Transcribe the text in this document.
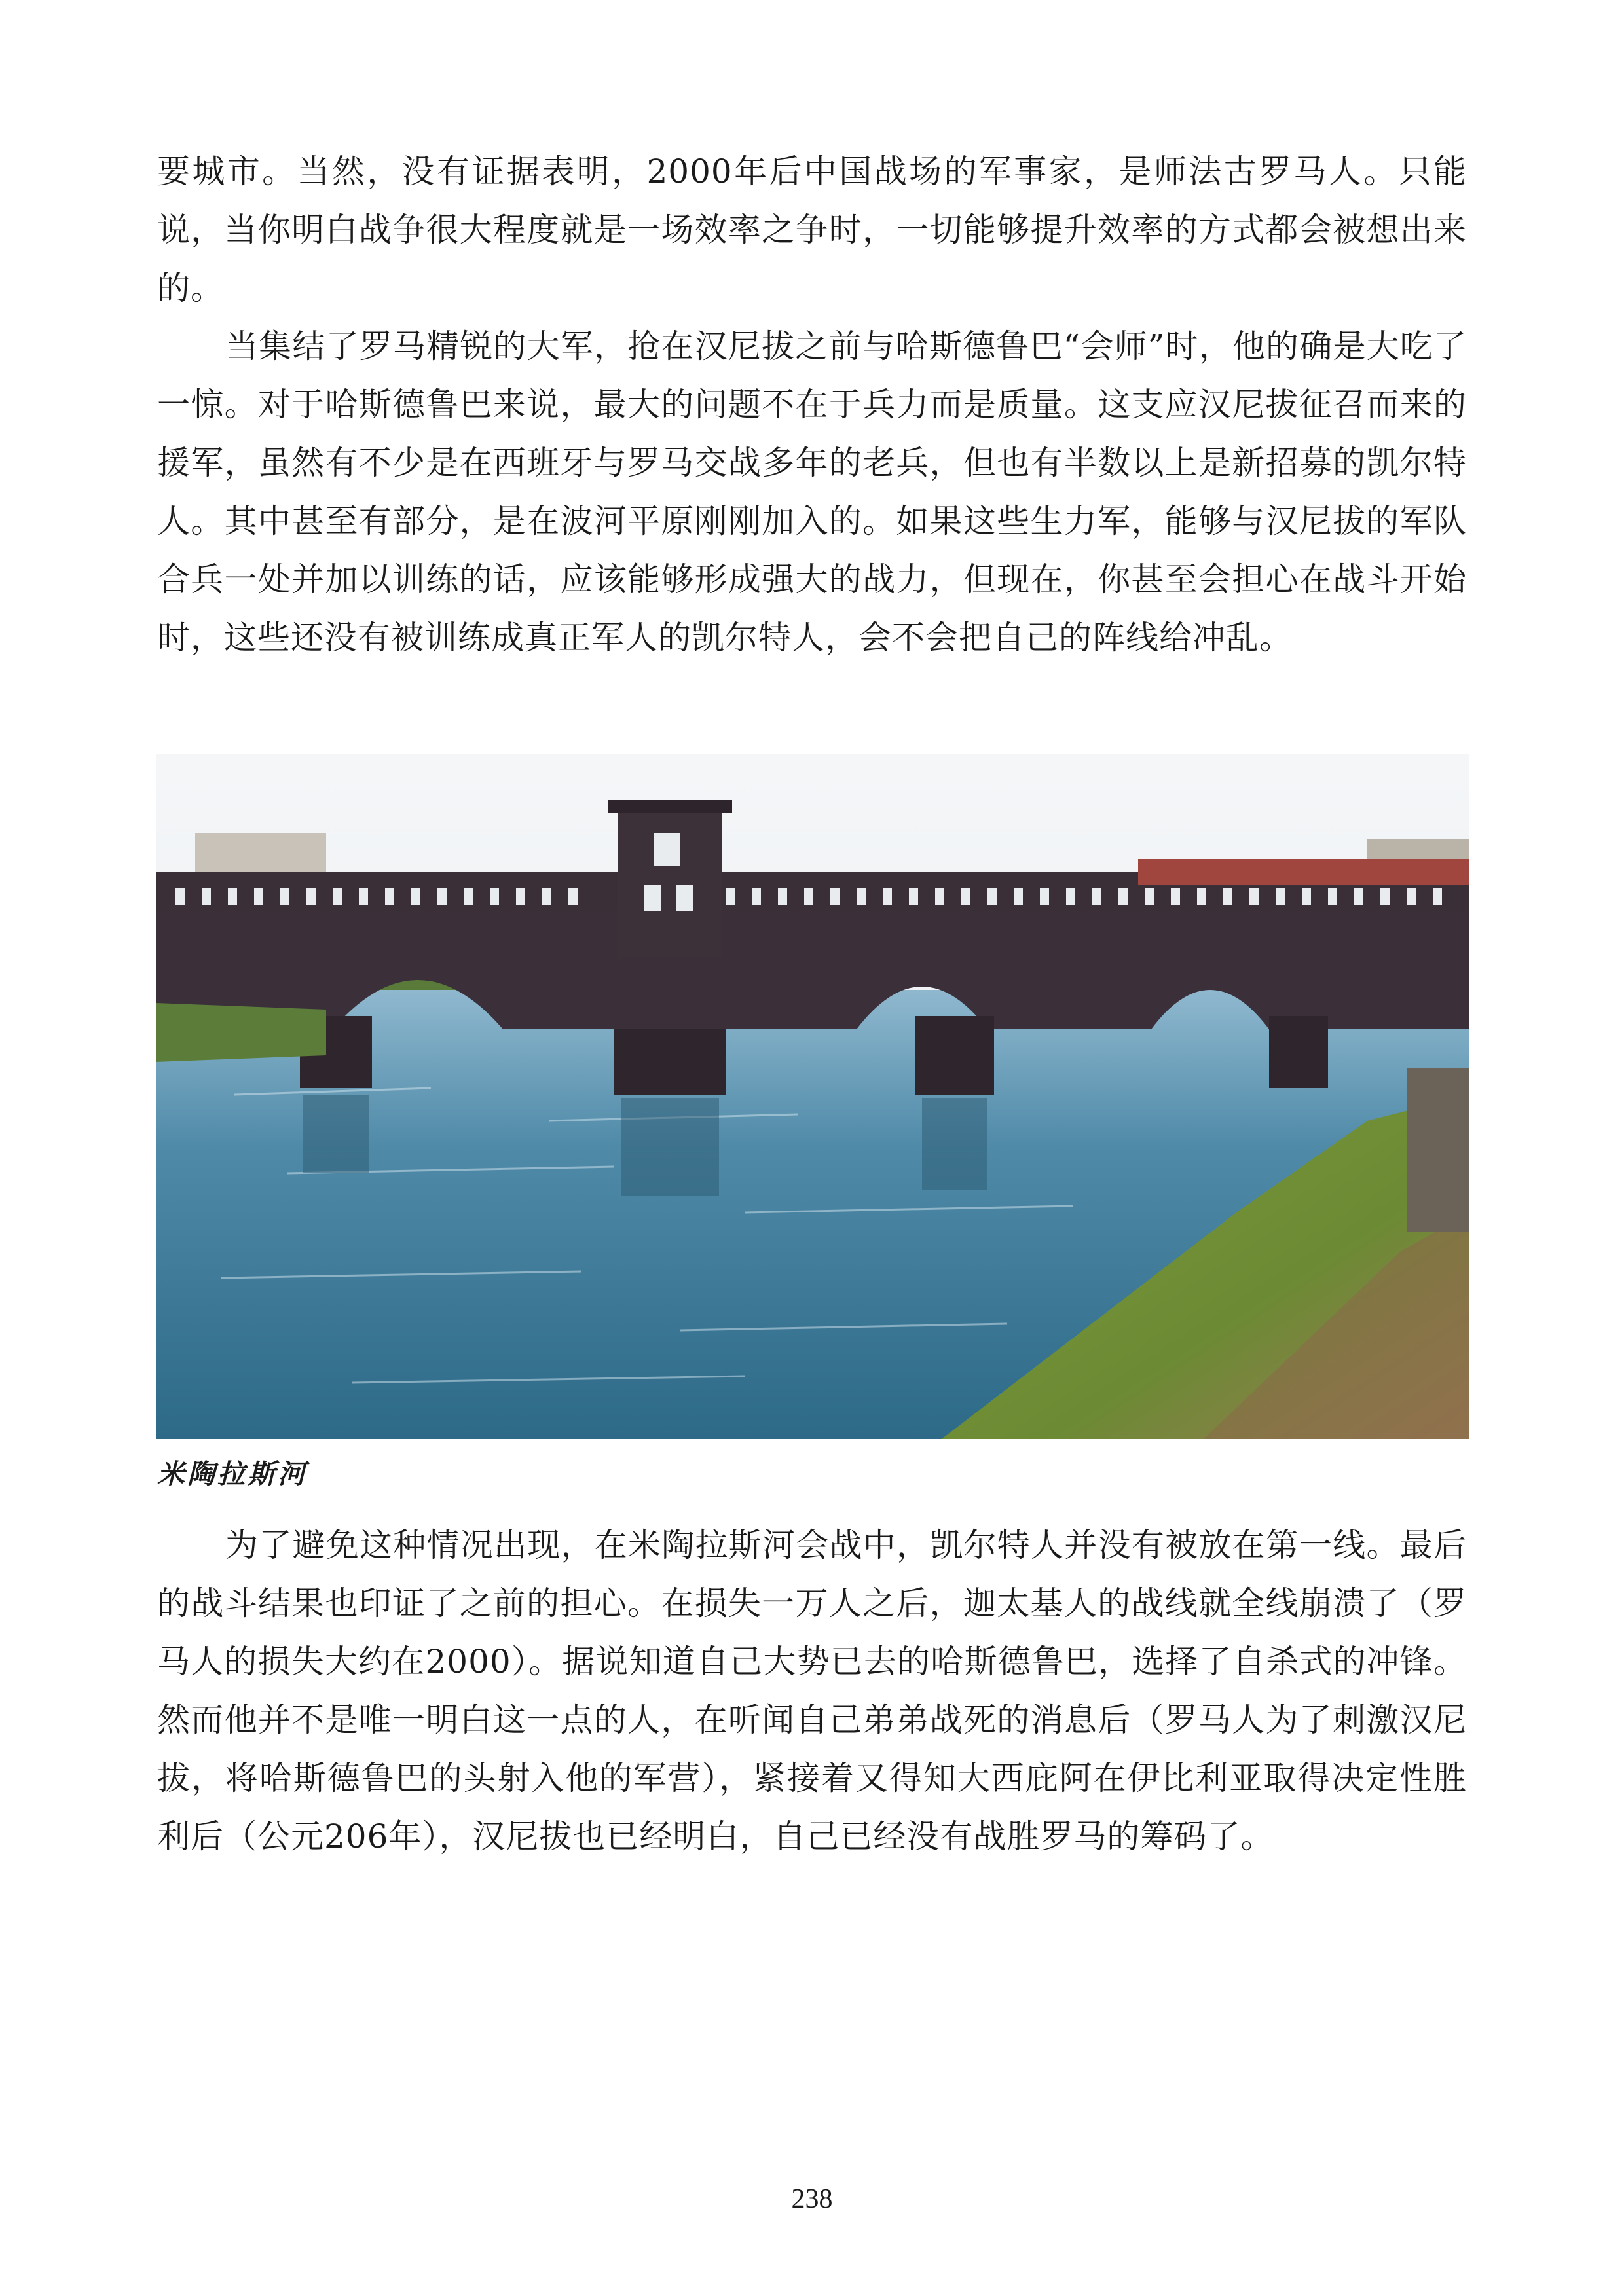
要城市。当然，没有证据表明，2000年后中国战场的军事家，是师法古罗马人。只能说，当你明白战争很大程度就是一场效率之争时，一切能够提升效率的方式都会被想出来的。

当集结了罗马精锐的大军，抢在汉尼拔之前与哈斯德鲁巴“会师”时，他的确是大吃了一惊。对于哈斯德鲁巴来说，最大的问题不在于兵力而是质量。这支应汉尼拔征召而来的援军，虽然有不少是在西班牙与罗马交战多年的老兵，但也有半数以上是新招募的凯尔特人。其中甚至有部分，是在波河平原刚刚加入的。如果这些生力军，能够与汉尼拔的军队合兵一处并加以训练的话，应该能够形成强大的战力，但现在，你甚至会担心在战斗开始时，这些还没有被训练成真正军人的凯尔特人，会不会把自己的阵线给冲乱。

米陶拉斯河

为了避免这种情况出现，在米陶拉斯河会战中，凯尔特人并没有被放在第一线。最后的战斗结果也印证了之前的担心。在损失一万人之后，迦太基人的战线就全线崩溃了（罗马人的损失大约在2000）。据说知道自己大势已去的哈斯德鲁巴，选择了自杀式的冲锋。然而他并不是唯一明白这一点的人，在听闻自己弟弟战死的消息后（罗马人为了刺激汉尼拔，将哈斯德鲁巴的头射入他的军营），紧接着又得知大西庇阿在伊比利亚取得决定性胜利后（公元206年），汉尼拔也已经明白，自己已经没有战胜罗马的筹码了。

238
